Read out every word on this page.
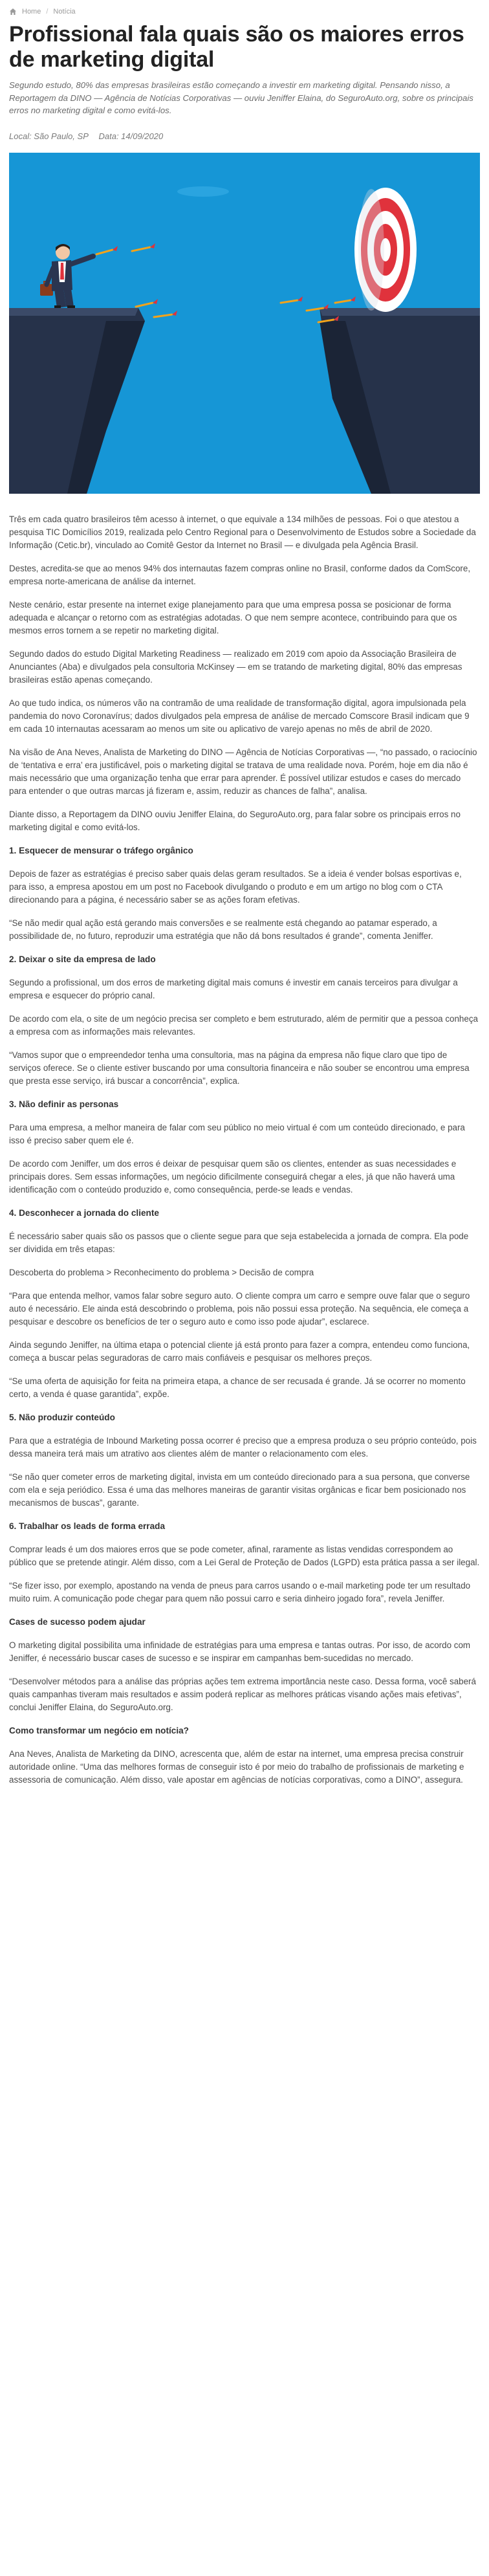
Home / Notícia
Profissional fala quais são os maiores erros de marketing digital

Segundo estudo, 80% das empresas brasileiras estão começando a investir em marketing digital. Pensando nisso, a Reportagem da DINO — Agência de Notícias Corporativas — ouviu Jeniffer Elaina, do SeguroAuto.org, sobre os principais erros no marketing digital e como evitá-los.

Local: São Paulo, SP Data: 14/09/2020

Três em cada quatro brasileiros têm acesso à internet, o que equivale a 134 milhões de pessoas. Foi o que atestou a pesquisa TIC Domicílios 2019, realizada pelo Centro Regional para o Desenvolvimento de Estudos sobre a Sociedade da Informação (Cetic.br), vinculado ao Comitê Gestor da Internet no Brasil — e divulgada pela Agência Brasil.

Destes, acredita-se que ao menos 94% dos internautas fazem compras online no Brasil, conforme dados da ComScore, empresa norte-americana de análise da internet.

Neste cenário, estar presente na internet exige planejamento para que uma empresa possa se posicionar de forma adequada e alcançar o retorno com as estratégias adotadas. O que nem sempre acontece, contribuindo para que os mesmos erros tornem a se repetir no marketing digital.

Segundo dados do estudo Digital Marketing Readiness — realizado em 2019 com apoio da Associação Brasileira de Anunciantes (Aba) e divulgados pela consultoria McKinsey — em se tratando de marketing digital, 80% das empresas brasileiras estão apenas começando.

Ao que tudo indica, os números vão na contramão de uma realidade de transformação digital, agora impulsionada pela pandemia do novo Coronavírus; dados divulgados pela empresa de análise de mercado Comscore Brasil indicam que 9 em cada 10 internautas acessaram ao menos um site ou aplicativo de varejo apenas no mês de abril de 2020.

Na visão de Ana Neves, Analista de Marketing do DINO — Agência de Notícias Corporativas —, “no passado, o raciocínio de ‘tentativa e erra’ era justificável, pois o marketing digital se tratava de uma realidade nova. Porém, hoje em dia não é mais necessário que uma organização tenha que errar para aprender. É possível utilizar estudos e cases do mercado para entender o que outras marcas já fizeram e, assim, reduzir as chances de falha”, analisa.

Diante disso, a Reportagem da DINO ouviu Jeniffer Elaina, do SeguroAuto.org, para falar sobre os principais erros no marketing digital e como evitá-los.

1. Esquecer de mensurar o tráfego orgânico

Depois de fazer as estratégias é preciso saber quais delas geram resultados. Se a ideia é vender bolsas esportivas e, para isso, a empresa apostou em um post no Facebook divulgando o produto e em um artigo no blog com o CTA direcionando para a página, é necessário saber se as ações foram efetivas.

“Se não medir qual ação está gerando mais conversões e se realmente está chegando ao patamar esperado, a possibilidade de, no futuro, reproduzir uma estratégia que não dá bons resultados é grande”, comenta Jeniffer.

2. Deixar o site da empresa de lado

Segundo a profissional, um dos erros de marketing digital mais comuns é investir em canais terceiros para divulgar a empresa e esquecer do próprio canal.

De acordo com ela, o site de um negócio precisa ser completo e bem estruturado, além de permitir que a pessoa conheça a empresa com as informações mais relevantes.

“Vamos supor que o empreendedor tenha uma consultoria, mas na página da empresa não fique claro que tipo de serviços oferece. Se o cliente estiver buscando por uma consultoria financeira e não souber se encontrou uma empresa que presta esse serviço, irá buscar a concorrência”, explica.

3. Não definir as personas

Para uma empresa, a melhor maneira de falar com seu público no meio virtual é com um conteúdo direcionado, e para isso é preciso saber quem ele é.

De acordo com Jeniffer, um dos erros é deixar de pesquisar quem são os clientes, entender as suas necessidades e principais dores. Sem essas informações, um negócio dificilmente conseguirá chegar a eles, já que não haverá uma identificação com o conteúdo produzido e, como consequência, perde-se leads e vendas.

4. Desconhecer a jornada do cliente

É necessário saber quais são os passos que o cliente segue para que seja estabelecida a jornada de compra. Ela pode ser dividida em três etapas:

Descoberta do problema > Reconhecimento do problema > Decisão de compra

“Para que entenda melhor, vamos falar sobre seguro auto. O cliente compra um carro e sempre ouve falar que o seguro auto é necessário. Ele ainda está descobrindo o problema, pois não possui essa proteção. Na sequência, ele começa a pesquisar e descobre os benefícios de ter o seguro auto e como isso pode ajudar”, esclarece.

Ainda segundo Jeniffer, na última etapa o potencial cliente já está pronto para fazer a compra, entendeu como funciona, começa a buscar pelas seguradoras de carro mais confiáveis e pesquisar os melhores preços.

“Se uma oferta de aquisição for feita na primeira etapa, a chance de ser recusada é grande. Já se ocorrer no momento certo, a venda é quase garantida”, expõe.

5. Não produzir conteúdo

Para que a estratégia de Inbound Marketing possa ocorrer é preciso que a empresa produza o seu próprio conteúdo, pois dessa maneira terá mais um atrativo aos clientes além de manter o relacionamento com eles.

“Se não quer cometer erros de marketing digital, invista em um conteúdo direcionado para a sua persona, que converse com ela e seja periódico. Essa é uma das melhores maneiras de garantir visitas orgânicas e ficar bem posicionado nos mecanismos de buscas”, garante.

6. Trabalhar os leads de forma errada

Comprar leads é um dos maiores erros que se pode cometer, afinal, raramente as listas vendidas correspondem ao público que se pretende atingir. Além disso, com a Lei Geral de Proteção de Dados (LGPD) esta prática passa a ser ilegal.

“Se fizer isso, por exemplo, apostando na venda de pneus para carros usando o e-mail marketing pode ter um resultado muito ruim. A comunicação pode chegar para quem não possui carro e seria dinheiro jogado fora”, revela Jeniffer.

Cases de sucesso podem ajudar

O marketing digital possibilita uma infinidade de estratégias para uma empresa e tantas outras. Por isso, de acordo com Jeniffer, é necessário buscar cases de sucesso e se inspirar em campanhas bem-sucedidas no mercado.

“Desenvolver métodos para a análise das próprias ações tem extrema importância neste caso. Dessa forma, você saberá quais campanhas tiveram mais resultados e assim poderá replicar as melhores práticas visando ações mais efetivas”, conclui Jeniffer Elaina, do SeguroAuto.org.

Como transformar um negócio em notícia?

Ana Neves, Analista de Marketing da DINO, acrescenta que, além de estar na internet, uma empresa precisa construir autoridade online. “Uma das melhores formas de conseguir isto é por meio do trabalho de profissionais de marketing e assessoria de comunicação. Além disso, vale apostar em agências de notícias corporativas, como a DINO”, assegura.
